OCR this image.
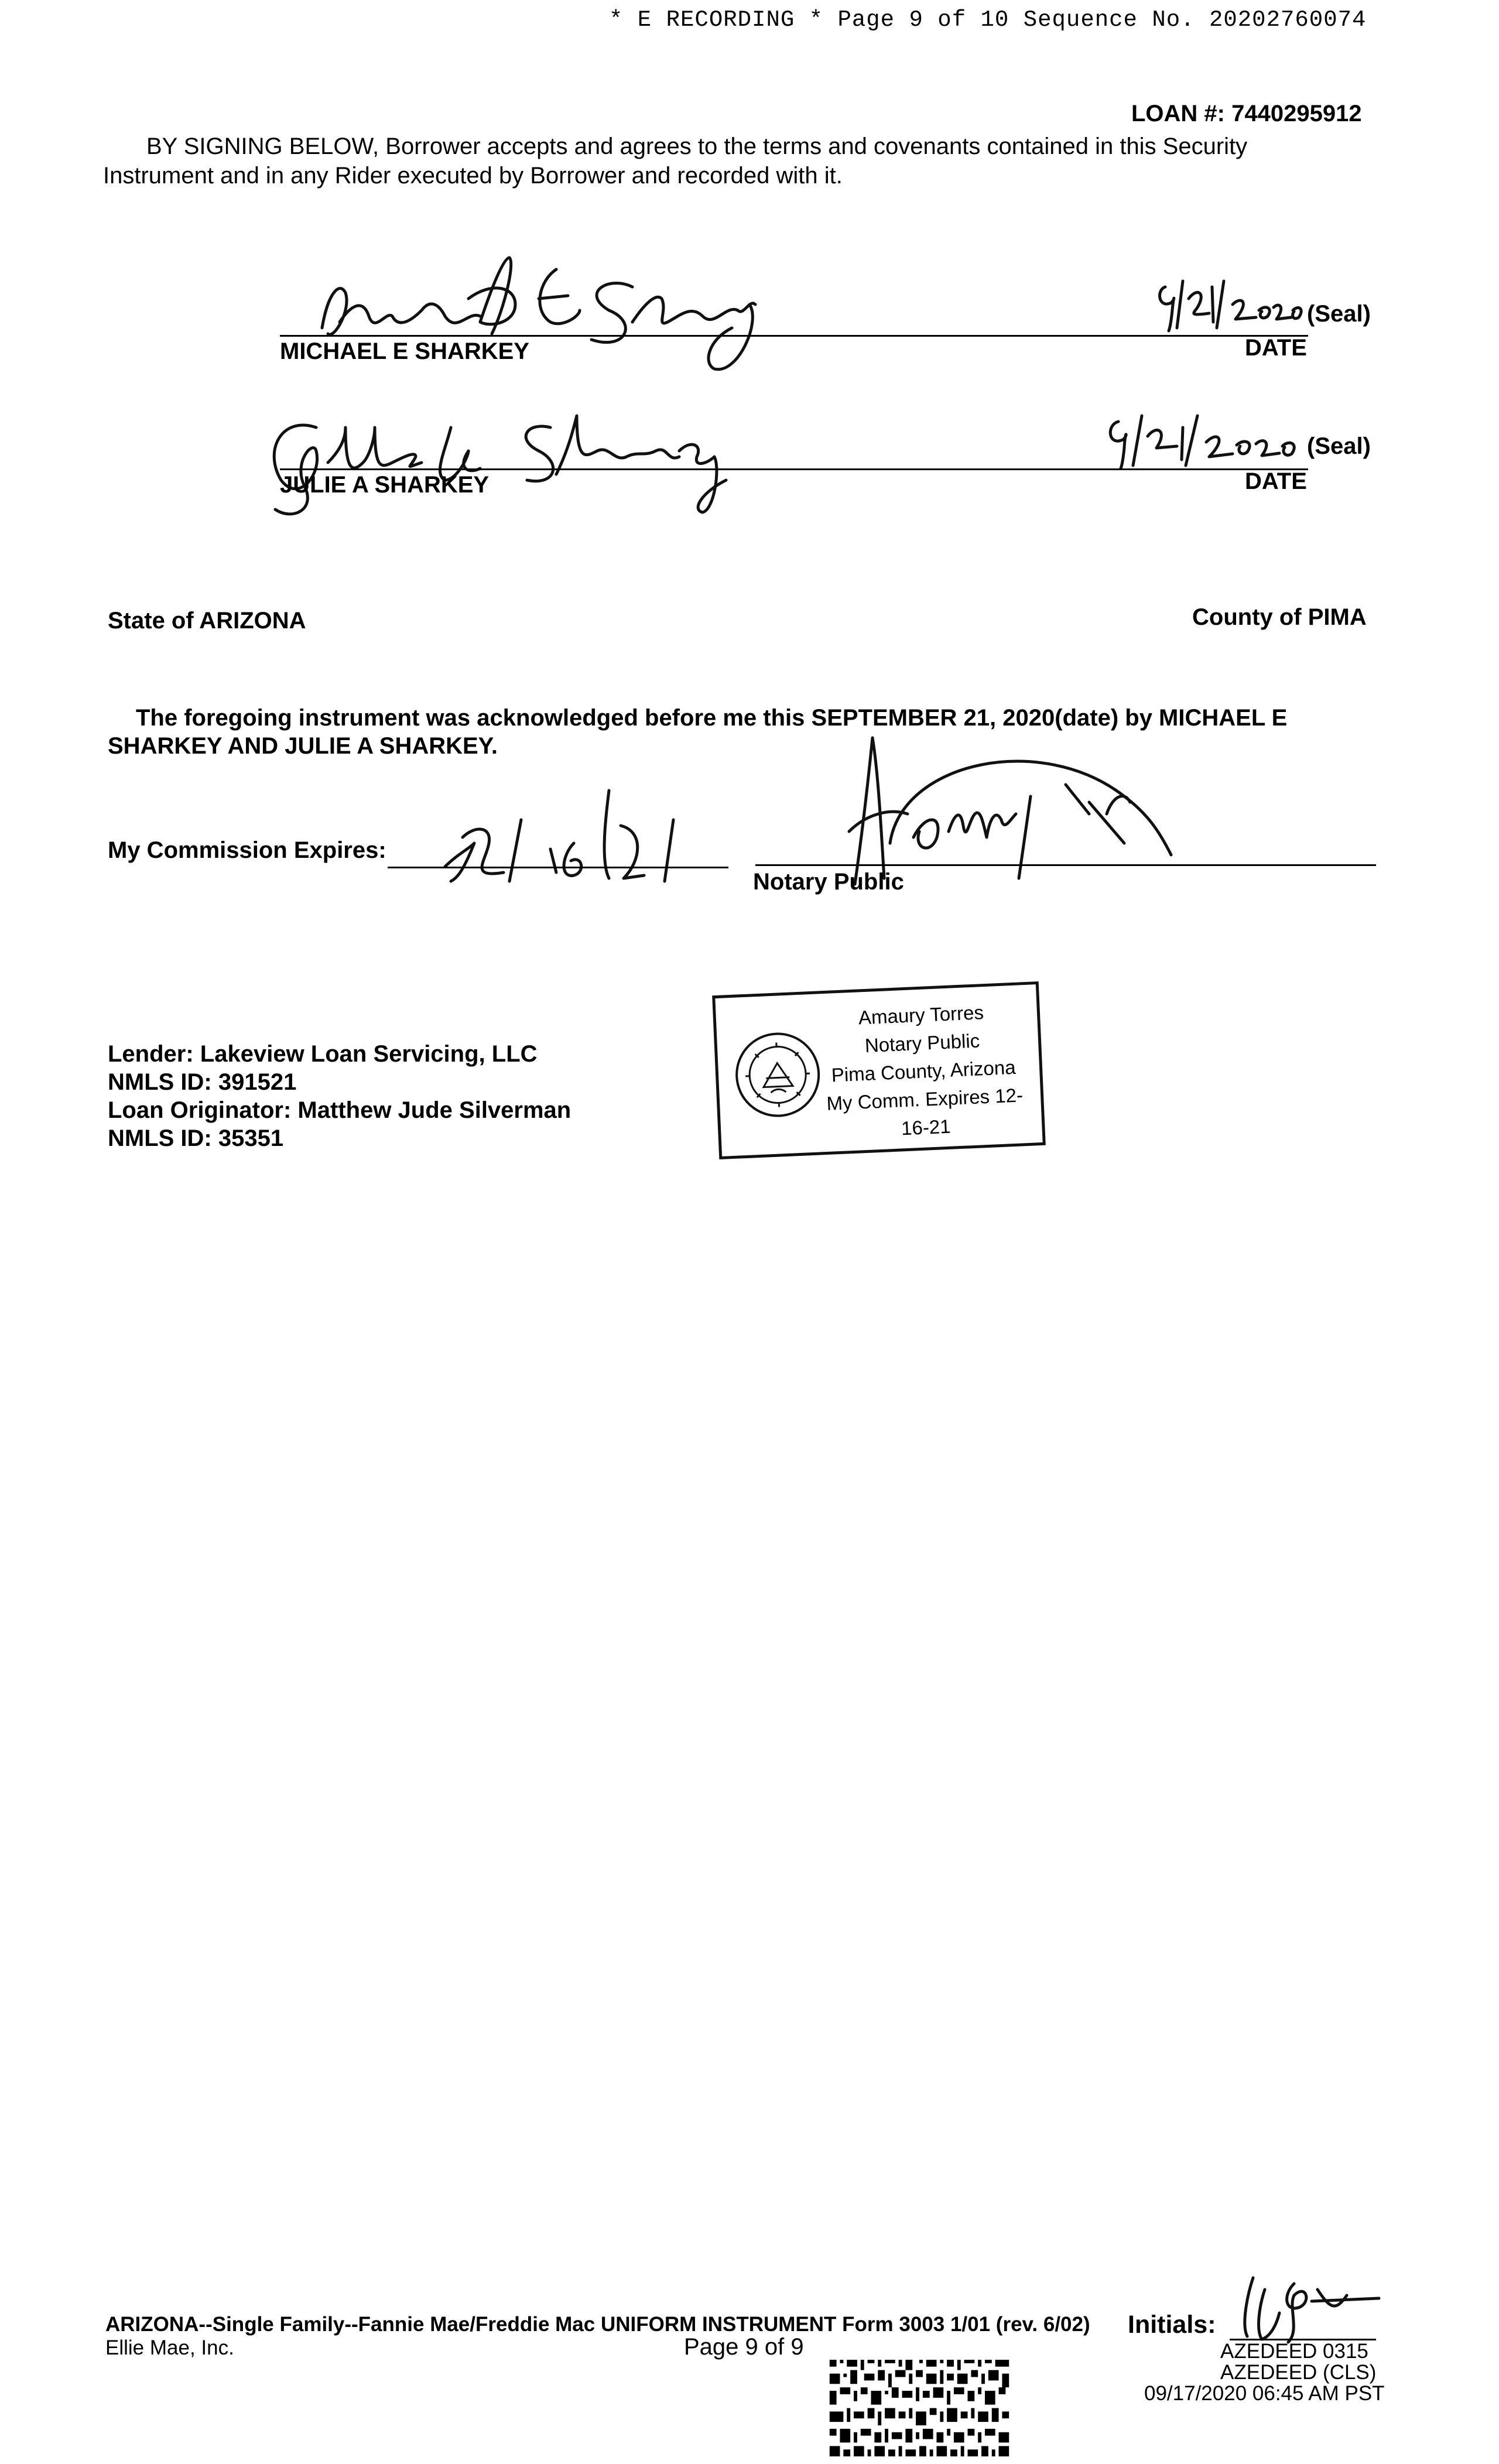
* E RECORDING * Page 9 of 10 Sequence No. 20202760074
LOAN #: 7440295912
BY SIGNING BELOW, Borrower accepts and agrees to the terms and covenants contained in this Security
Instrument and in any Rider executed by Borrower and recorded with it.
MICHAEL E SHARKEY
(Seal)
DATE
JULIE A SHARKEY
(Seal)
DATE
State of ARIZONA	County of PIMA
The foregoing instrument was acknowledged before me this SEPTEMBER 21, 2020(date) by MICHAEL E
SHARKEY AND JULIE A SHARKEY.
My Commission Expires:
Notary Public
Lender: Lakeview Loan Servicing, LLC
NMLS ID: 391521
Loan Originator: Matthew Jude Silverman
NMLS ID: 35351
Amaury Torres
Notary Public
Pima County, Arizona
My Comm. Expires 12-16-21
ARIZONA--Single Family--Fannie Mae/Freddie Mac UNIFORM INSTRUMENT Form 3003 1/01 (rev. 6/02)
Ellie Mae, Inc.	Page 9 of 9
Initials:
AZEDEED 0315
AZEDEED (CLS)
09/17/2020 06:45 AM PST
